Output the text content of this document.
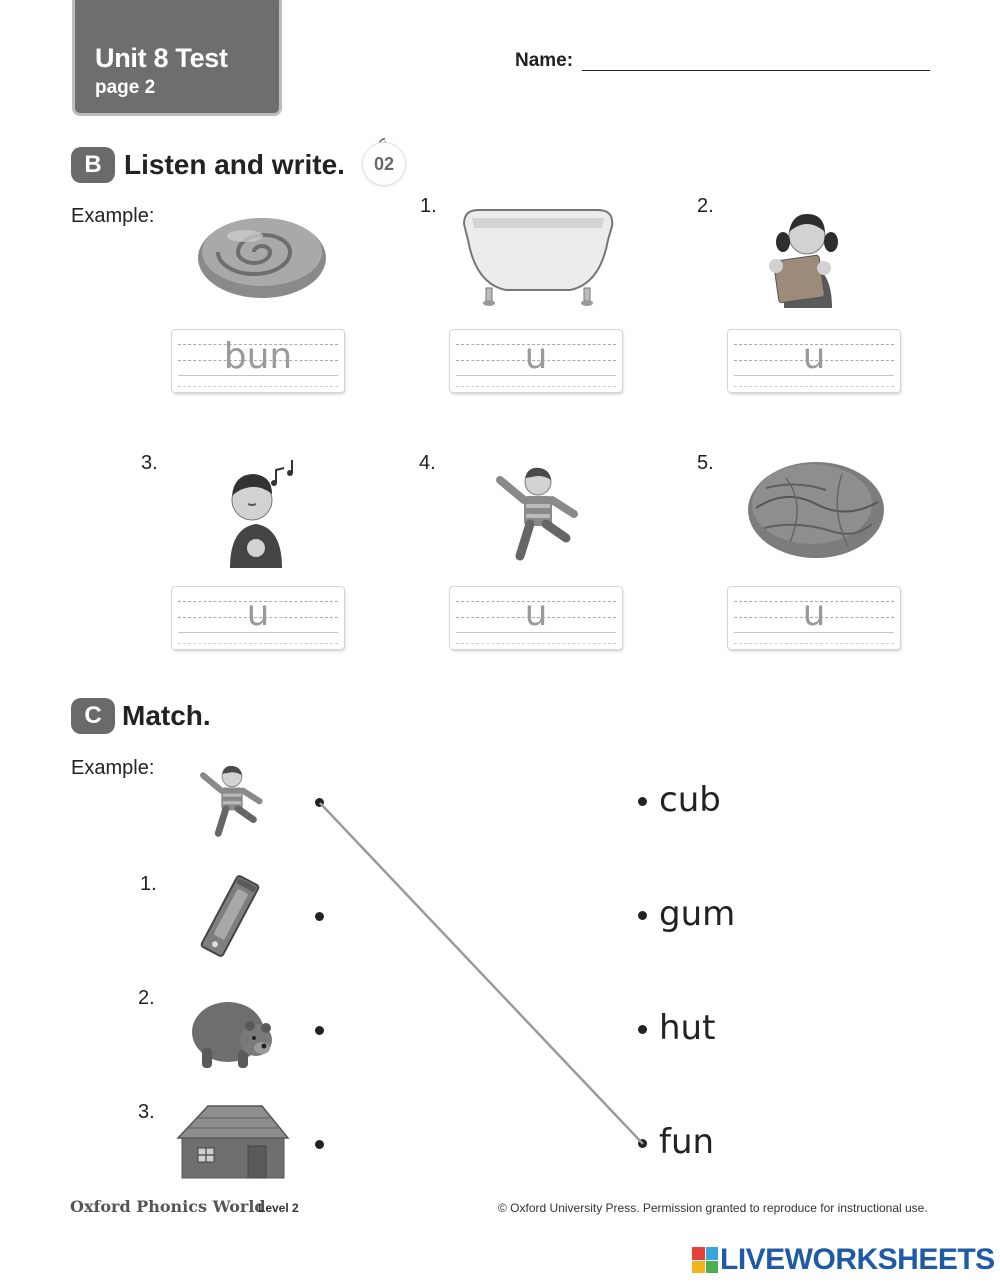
Unit 8 Test
page 2
Name:
B Listen and write.	02
Example:	1.	2.
3.	4.	5.
bun	u	u
u	u	u
C Match.
Example:
1.
2.
3.
cub
gum
hut
fun
Oxford Phonics World
Level 2	© Oxford University Press. Permission granted to reproduce for instructional use.
LIVEWORKSHEETS
